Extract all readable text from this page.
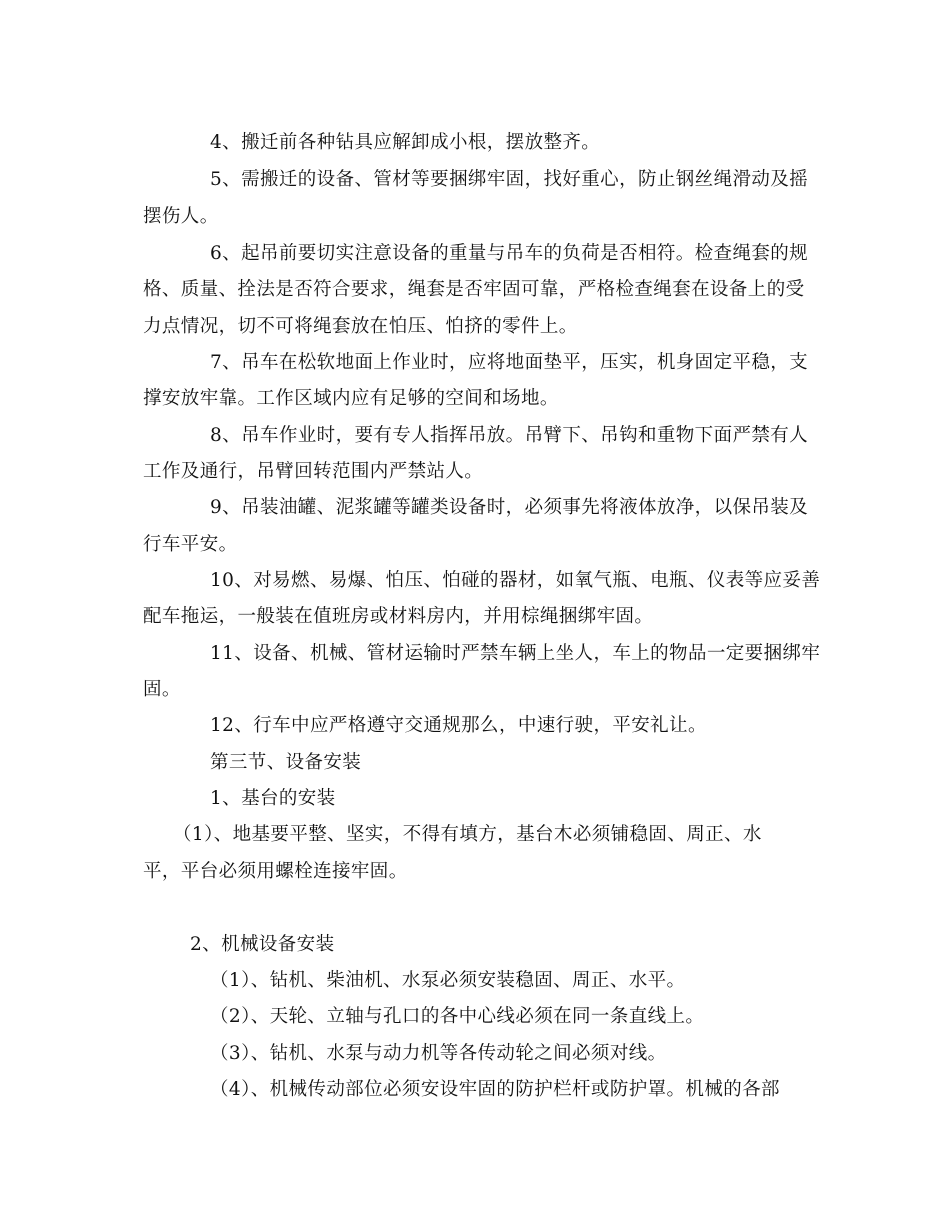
4、搬迁前各种钻具应解卸成小根，摆放整齐。
5、需搬迁的设备、管材等要捆绑牢固，找好重心，防止钢丝绳滑动及摇
摆伤人。
6、起吊前要切实注意设备的重量与吊车的负荷是否相符。检查绳套的规
格、质量、拴法是否符合要求，绳套是否牢固可靠，严格检查绳套在设备上的受
力点情况，切不可将绳套放在怕压、怕挤的零件上。
7、吊车在松软地面上作业时，应将地面垫平，压实，机身固定平稳，支
撑安放牢靠。工作区域内应有足够的空间和场地。
8、吊车作业时，要有专人指挥吊放。吊臂下、吊钩和重物下面严禁有人
工作及通行，吊臂回转范围内严禁站人。
9、吊装油罐、泥浆罐等罐类设备时，必须事先将液体放净，以保吊装及
行车平安。
10、对易燃、易爆、怕压、怕碰的器材，如氧气瓶、电瓶、仪表等应妥善
配车拖运，一般装在值班房或材料房内，并用棕绳捆绑牢固。
11、设备、机械、管材运输时严禁车辆上坐人，车上的物品一定要捆绑牢
固。
12、行车中应严格遵守交通规那么，中速行驶，平安礼让。
第三节、设备安装
1、基台的安装
（1）、地基要平整、坚实，不得有填方，基台木必须铺稳固、周正、水
平，平台必须用螺栓连接牢固。
2、机械设备安装
（1）、钻机、柴油机、水泵必须安装稳固、周正、水平。
（2）、天轮、立轴与孔口的各中心线必须在同一条直线上。
（3）、钻机、水泵与动力机等各传动轮之间必须对线。
（4）、机械传动部位必须安设牢固的防护栏杆或防护罩。机械的各部
